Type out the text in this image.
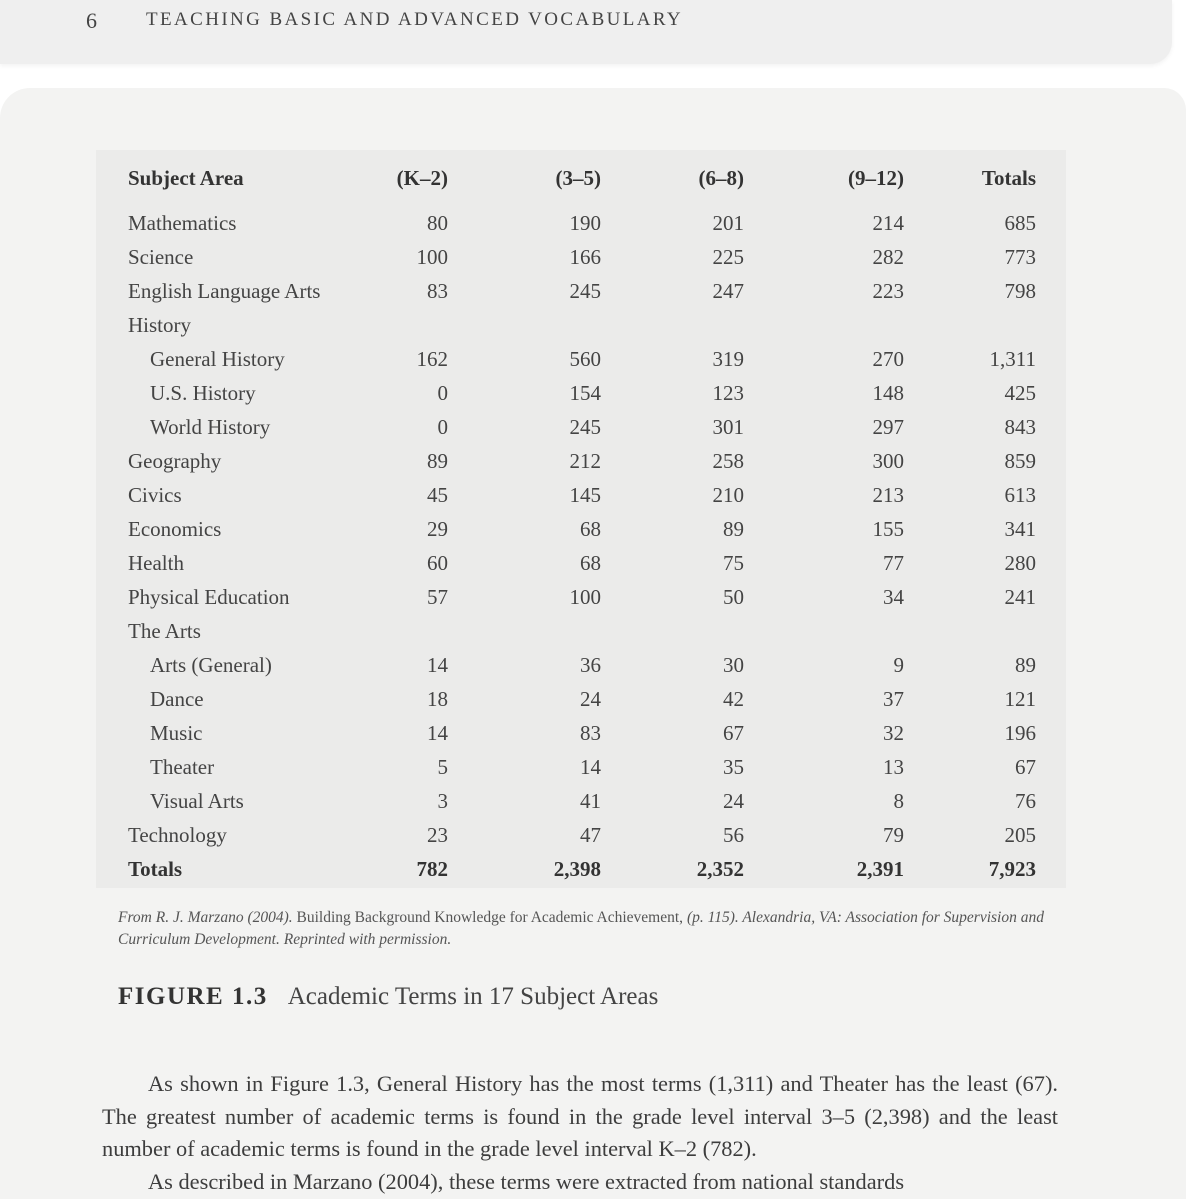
6	TEACHING BASIC AND ADVANCED VOCABULARY
Subject Area	(K–2)	(3–5)	(6–8)	(9–12)	Totals
Mathematics	80	190	201	214	685
Science	100	166	225	282	773
English Language Arts	83	245	247	223	798
History					
General History	162	560	319	270	1,311
U.S. History	0	154	123	148	425
World History	0	245	301	297	843
Geography	89	212	258	300	859
Civics	45	145	210	213	613
Economics	29	68	89	155	341
Health	60	68	75	77	280
Physical Education	57	100	50	34	241
The Arts					
Arts (General)	14	36	30	9	89
Dance	18	24	42	37	121
Music	14	83	67	32	196
Theater	5	14	35	13	67
Visual Arts	3	41	24	8	76
Technology	23	47	56	79	205
Totals	782	2,398	2,352	2,391	7,923
From R. J. Marzano (2004). Building Background Knowledge for Academic Achievement, (p. 115). Alexandria, VA: Association for Supervision and Curriculum Development. Reprinted with permission.
FIGURE 1.3 Academic Terms in 17 Subject Areas

As shown in Figure 1.3, General History has the most terms (1,311) and Theater has the least (67). The greatest number of academic terms is found in the grade level interval 3–5 (2,398) and the least number of academic terms is found in the grade level interval K–2 (782).

As described in Marzano (2004), these terms were extracted from national standards
